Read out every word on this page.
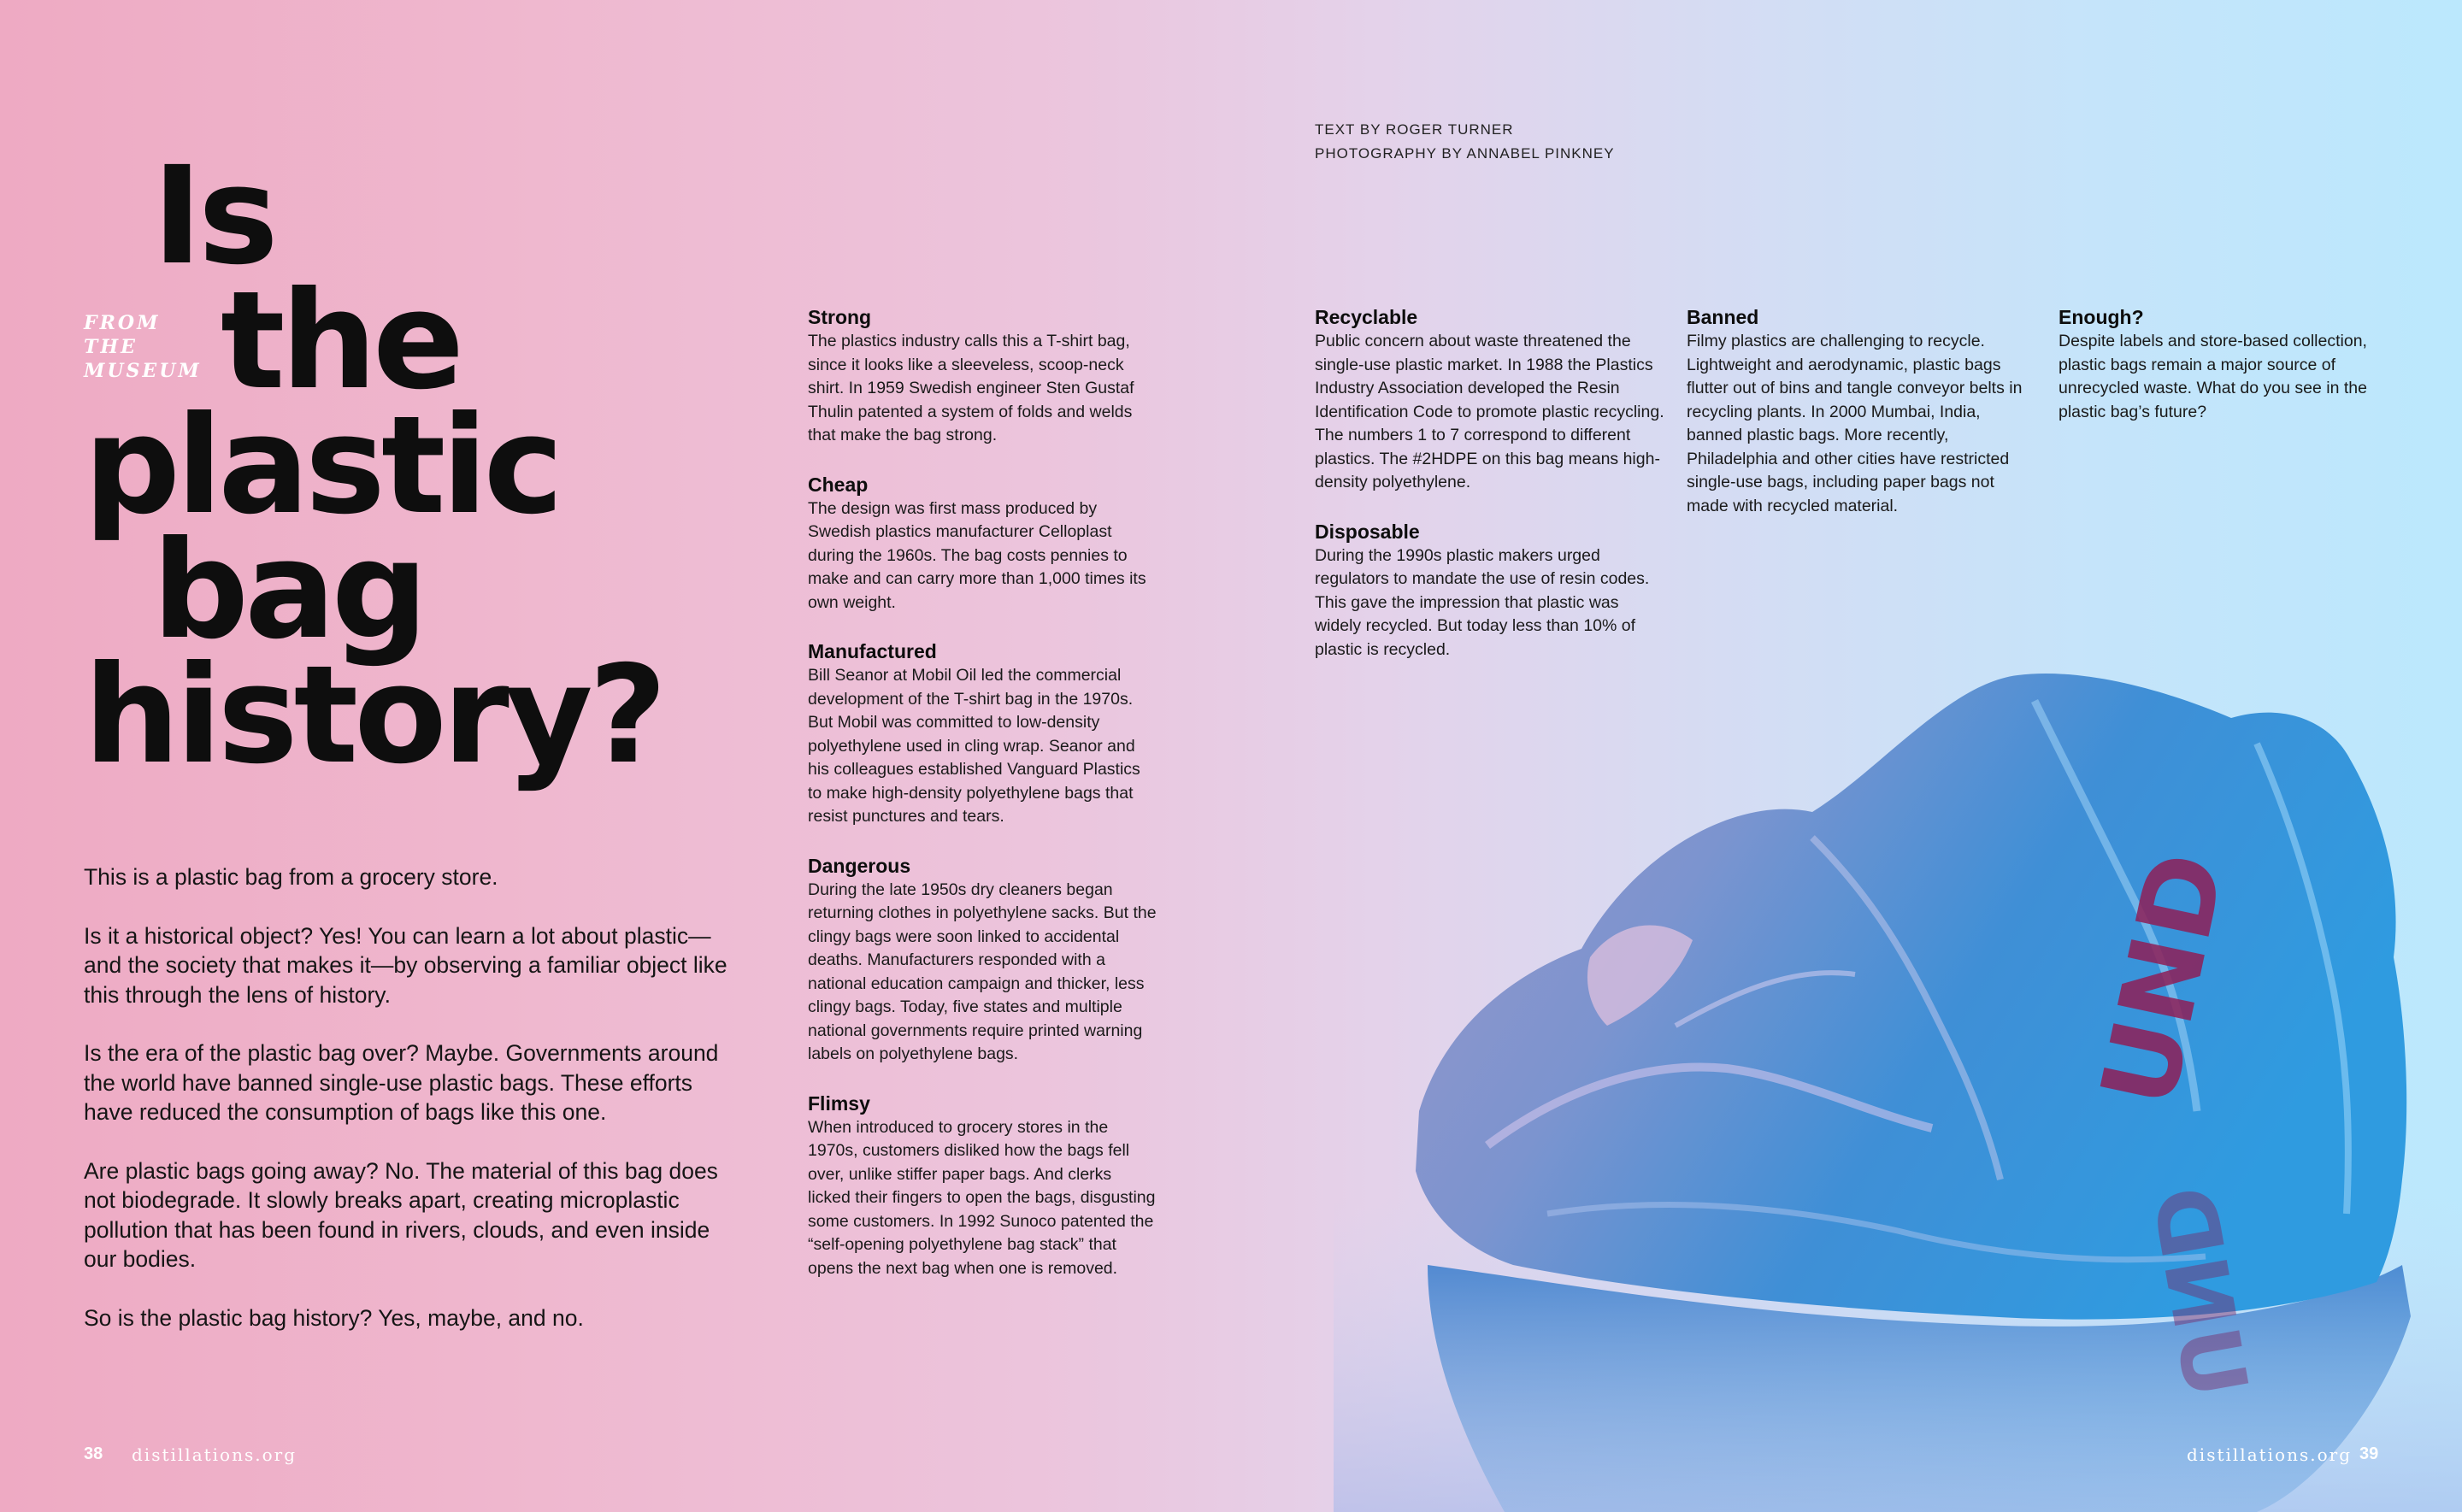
UND
UND
FROM
THE
MUSEUM
Is
the
plastic
bag
history?
TEXT BY ROGER TURNER
PHOTOGRAPHY BY ANNABEL PINKNEY

This is a plastic bag from a grocery store.

Is it a historical object? Yes! You can learn a lot about plastic—and the society that makes it—by observing a familiar object like this through the lens of history.

Is the era of the plastic bag over? Maybe. Governments around the world have banned single-use plastic bags. These efforts have reduced the consumption of bags like this one.

Are plastic bags going away? No. The material of this bag does not biodegrade. It slowly breaks apart, creating microplastic pollution that has been found in rivers, clouds, and even inside our bodies.

So is the plastic bag history? Yes, maybe, and no.

Strong

The plastics industry calls this a T-shirt bag, since it looks like a sleeveless, scoop-neck shirt. In 1959 Swedish engineer Sten Gustaf Thulin patented a system of folds and welds that make the bag strong.

Cheap

The design was first mass produced by Swedish plastics manufacturer Celloplast during the 1960s. The bag costs pennies to make and can carry more than 1,000 times its own weight.

Manufactured

Bill Seanor at Mobil Oil led the commercial development of the T-shirt bag in the 1970s. But Mobil was committed to low-density polyethylene used in cling wrap. Seanor and his colleagues established Vanguard Plastics to make high-density polyethylene bags that resist punctures and tears.

Dangerous

During the late 1950s dry cleaners began returning clothes in polyethylene sacks. But the clingy bags were soon linked to accidental deaths. Manufacturers responded with a national education campaign and thicker, less clingy bags. Today, five states and multiple national governments require printed warning labels on polyethylene bags.

Flimsy

When introduced to grocery stores in the 1970s, customers disliked how the bags fell over, unlike stiffer paper bags. And clerks licked their fingers to open the bags, disgusting some customers. In 1992 Sunoco patented the “self-opening polyethylene bag stack” that opens the next bag when one is removed.

Recyclable

Public concern about waste threatened the single-use plastic market. In 1988 the Plastics Industry Association developed the Resin Identification Code to promote plastic recycling. The numbers 1 to 7 correspond to different plastics. The #2HDPE on this bag means high-density polyethylene.

Disposable

During the 1990s plastic makers urged regulators to mandate the use of resin codes. This gave the impression that plastic was widely recycled. But today less than 10% of plastic is recycled.

Banned

Filmy plastics are challenging to recycle. Lightweight and aerodynamic, plastic bags flutter out of bins and tangle conveyor belts in recycling plants. In 2000 Mumbai, India, banned plastic bags. More recently, Philadelphia and other cities have restricted single-use bags, including paper bags not made with recycled material.

Enough?

Despite labels and store-based collection, plastic bags remain a major source of unrecycled waste. What do you see in the plastic bag’s future?

38 distillations.org	distillations.org 39
